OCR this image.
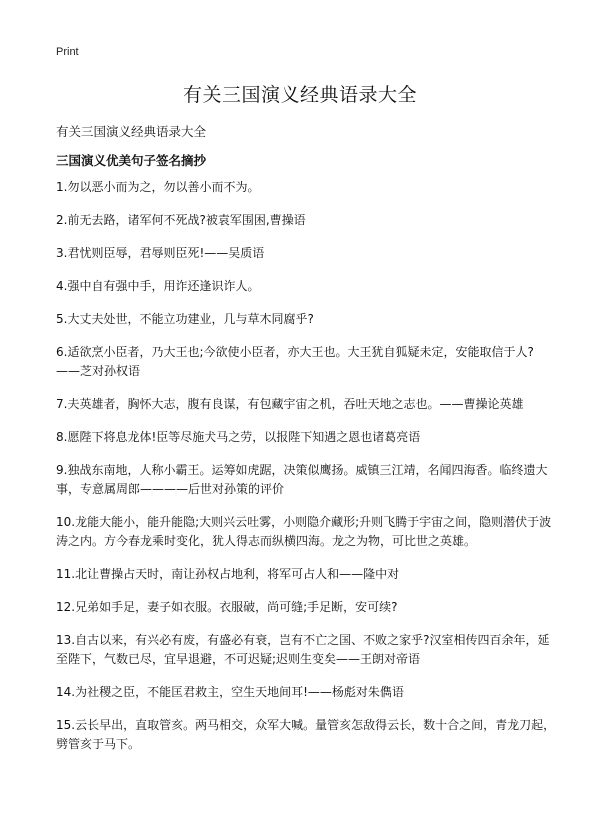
Print
有关三国演义经典语录大全
有关三国演义经典语录大全
三国演义优美句子签名摘抄
1.勿以恶小而为之，勿以善小而不为。
2.前无去路，诸军何不死战?被袁军围困,曹操语
3.君忧则臣辱，君辱则臣死!——吴质语
4.强中自有强中手，用诈还逢识诈人。
5.大丈夫处世，不能立功建业，几与草木同腐乎?
6.适欲烹小臣者，乃大王也;今欲使小臣者，亦大王也。大王犹自狐疑未定，安能取信于人?——芝对孙权语
7.夫英雄者，胸怀大志，腹有良谋，有包藏宇宙之机，吞吐天地之志也。——曹操论英雄
8.愿陛下将息龙体!臣等尽施犬马之劳，以报陛下知遇之恩也诸葛亮语
9.独战东南地，人称小霸王。运筹如虎踞，决策似鹰扬。威镇三江靖，名闻四海香。临终遗大事，专意属周郎————后世对孙策的评价
10.龙能大能小，能升能隐;大则兴云吐雾，小则隐介藏形;升则飞腾于宇宙之间，隐则潜伏于波涛之内。方今春龙乘时变化，犹人得志而纵横四海。龙之为物，可比世之英雄。
11.北让曹操占天时，南让孙权占地利，将军可占人和——隆中对
12.兄弟如手足，妻子如衣服。衣服破，尚可缝;手足断，安可续?
13.自古以来，有兴必有废，有盛必有衰，岂有不亡之国、不败之家乎?汉室相传四百余年，延至陛下，气数已尽，宜早退避，不可迟疑;迟则生变矣——王朗对帝语
14.为社稷之臣，不能匡君救主，空生天地间耳!——杨彪对朱儁语
15.云长早出，直取管亥。两马相交，众军大喊。量管亥怎敌得云长，数十合之间，青龙刀起，劈管亥于马下。
